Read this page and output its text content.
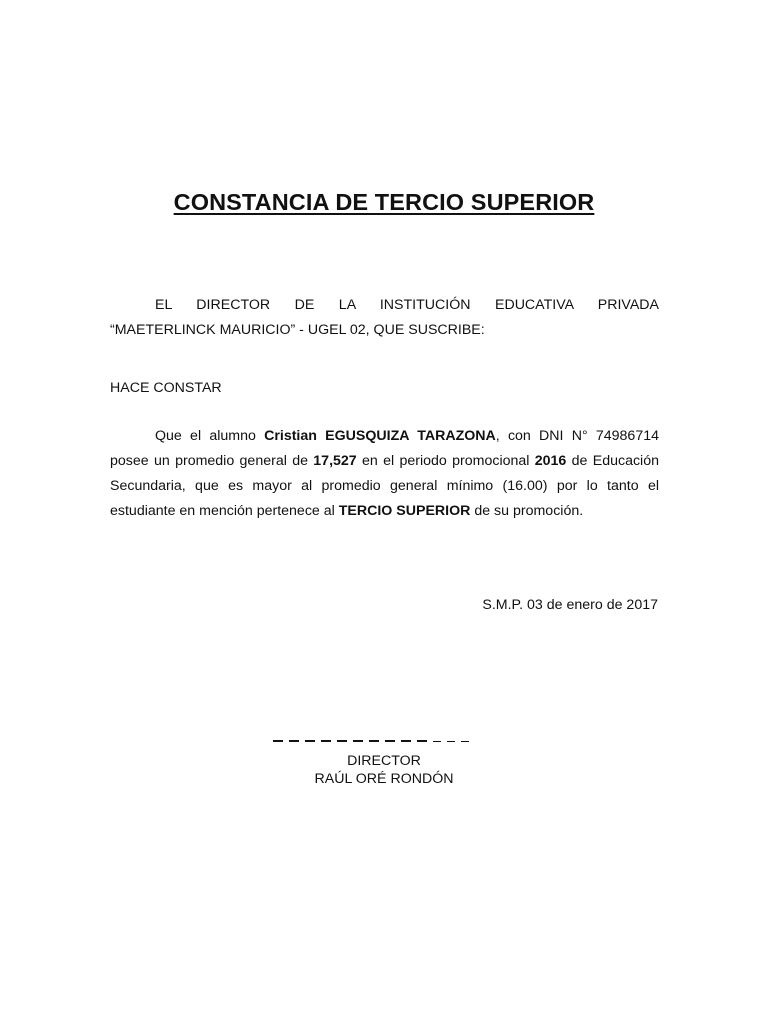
CONSTANCIA DE TERCIO SUPERIOR
EL DIRECTOR DE LA INSTITUCIÓN EDUCATIVA PRIVADA
“MAETERLINCK MAURICIO” - UGEL 02, QUE SUSCRIBE:
HACE CONSTAR
Que el alumno Cristian EGUSQUIZA TARAZONA, con DNI N° 74986714 posee un promedio general de 17,527 en el periodo promocional 2016 de Educación Secundaria, que es mayor al promedio general mínimo (16.00) por lo tanto el estudiante en mención pertenece al TERCIO SUPERIOR de su promoción.
S.M.P. 03 de enero de 2017
DIRECTOR
RAÚL ORÉ RONDÓN
